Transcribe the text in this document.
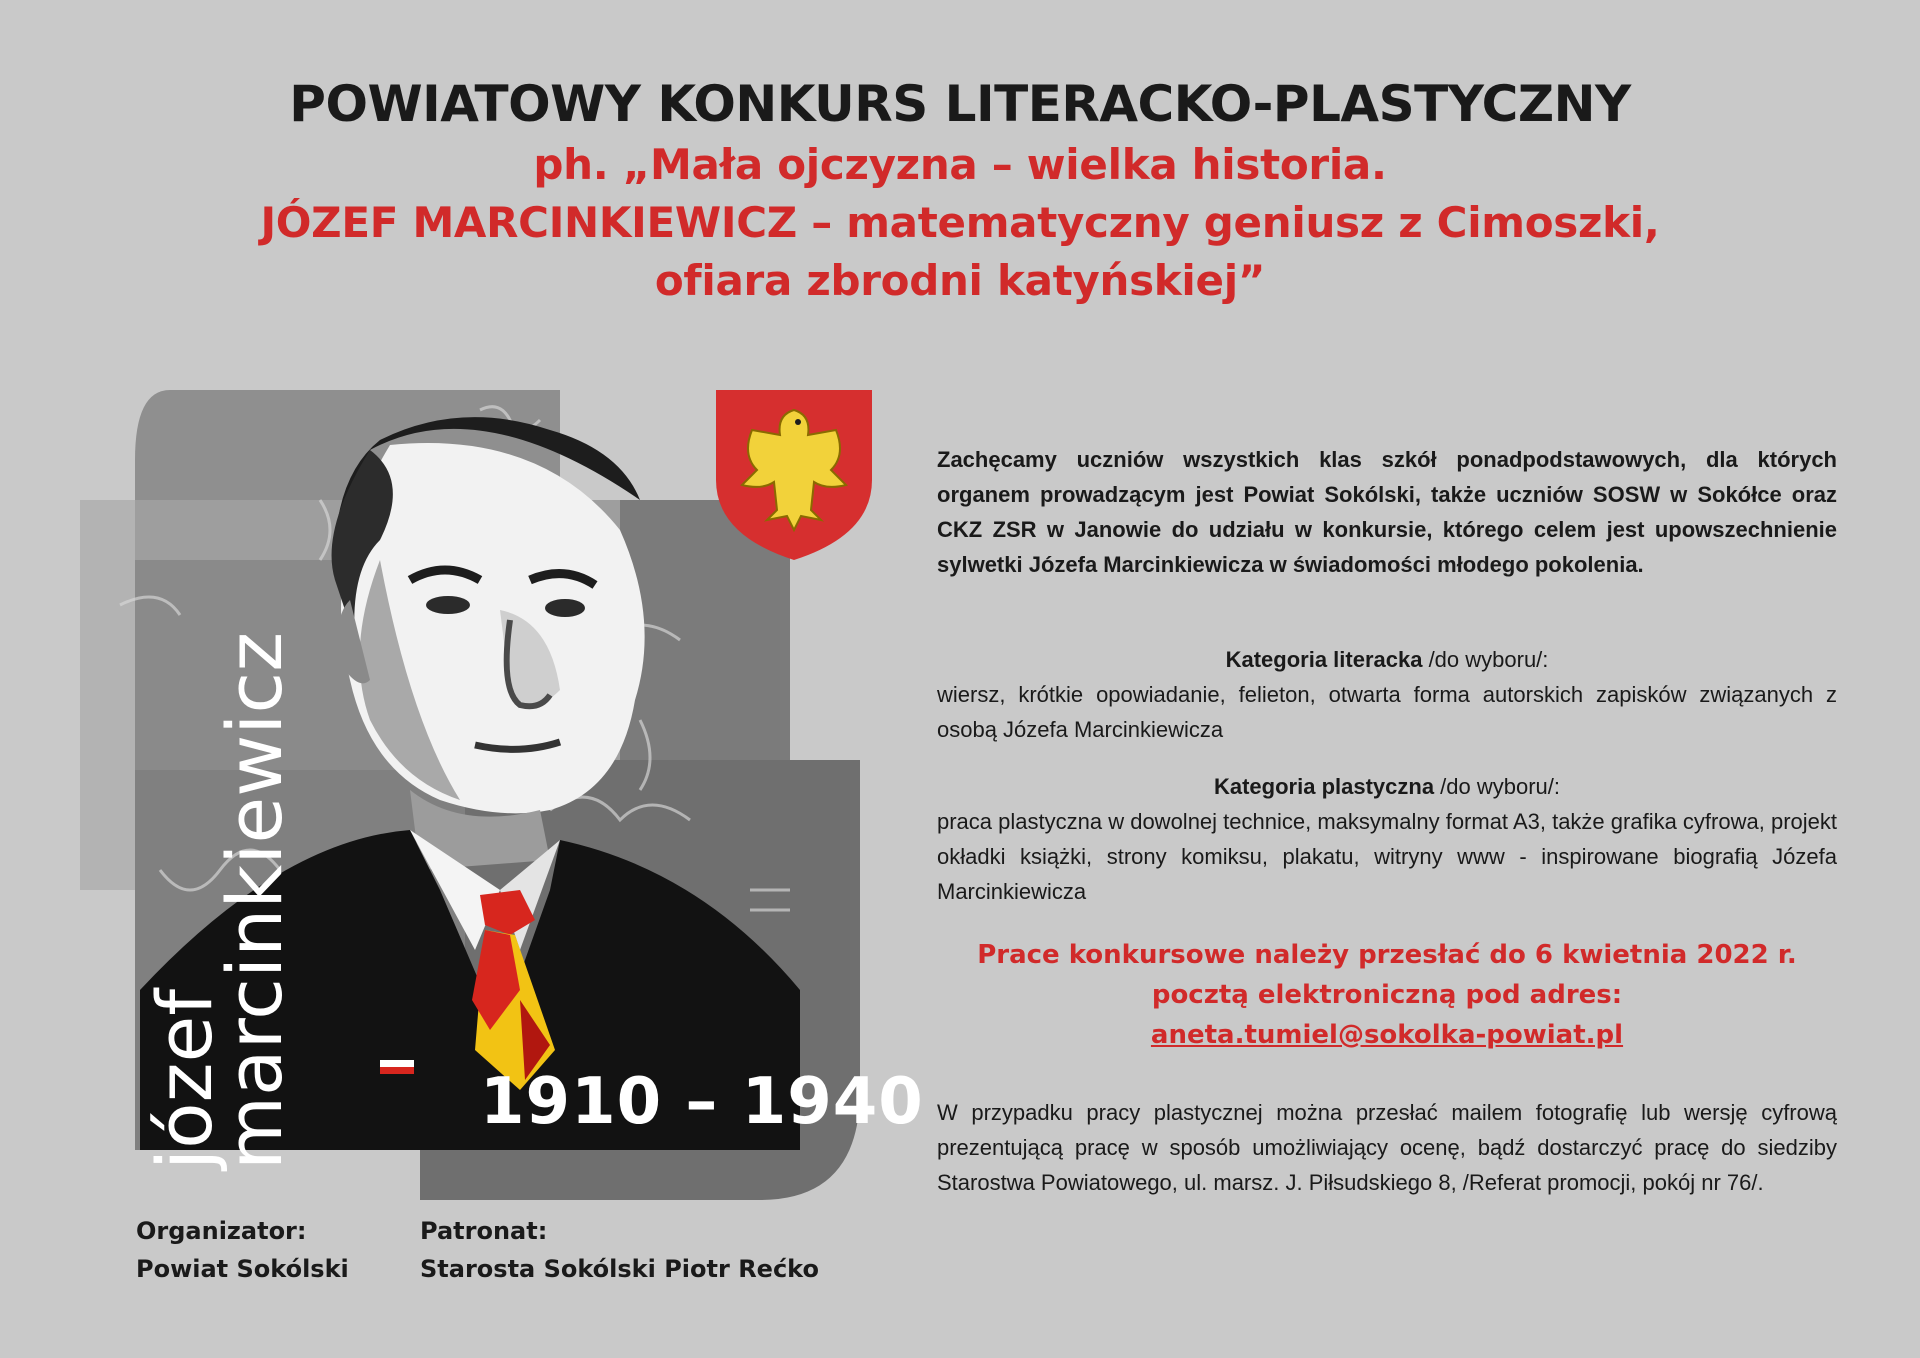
POWIATOWY KONKURS LITERACKO-PLASTYCZNY
ph. „Mała ojczyzna – wielka historia.
JÓZEF MARCINKIEWICZ – matematyczny geniusz z Cimoszki,
ofiara zbrodni katyńskiej”
józef
marcinkiewicz	1910 – 1940
Organizator:
Powiat Sokólski
Patronat:
Starosta Sokólski Piotr Rećko

Zachęcamy uczniów wszystkich klas szkół ponadpodstawowych, dla których organem prowadzącym jest Powiat Sokólski, także uczniów SOSW w Sokółce oraz CKZ ZSR w Janowie do udziału w konkursie, którego celem jest upowszechnienie sylwetki Józefa Marcinkiewicza w świadomości młodego pokolenia.

Kategoria literacka /do wyboru/:

wiersz, krótkie opowiadanie, felieton, otwarta forma autorskich zapisków związanych z osobą Józefa Marcinkiewicza

Kategoria plastyczna /do wyboru/:

praca plastyczna w dowolnej technice, maksymalny format A3, także grafika cyfrowa, projekt okładki książki, strony komiksu, plakatu, witryny www - inspirowane biografią Józefa Marcinkiewicza

Prace konkursowe należy przesłać do 6 kwietnia 2022 r.
pocztą elektroniczną pod adres:
aneta.tumiel@sokolka-powiat.pl

W przypadku pracy plastycznej można przesłać mailem fotografię lub wersję cyfrową prezentującą pracę w sposób umożliwiający ocenę, bądź dostarczyć pracę do siedziby Starostwa Powiatowego, ul. marsz. J. Piłsudskiego 8, /Referat promocji, pokój nr 76/.
